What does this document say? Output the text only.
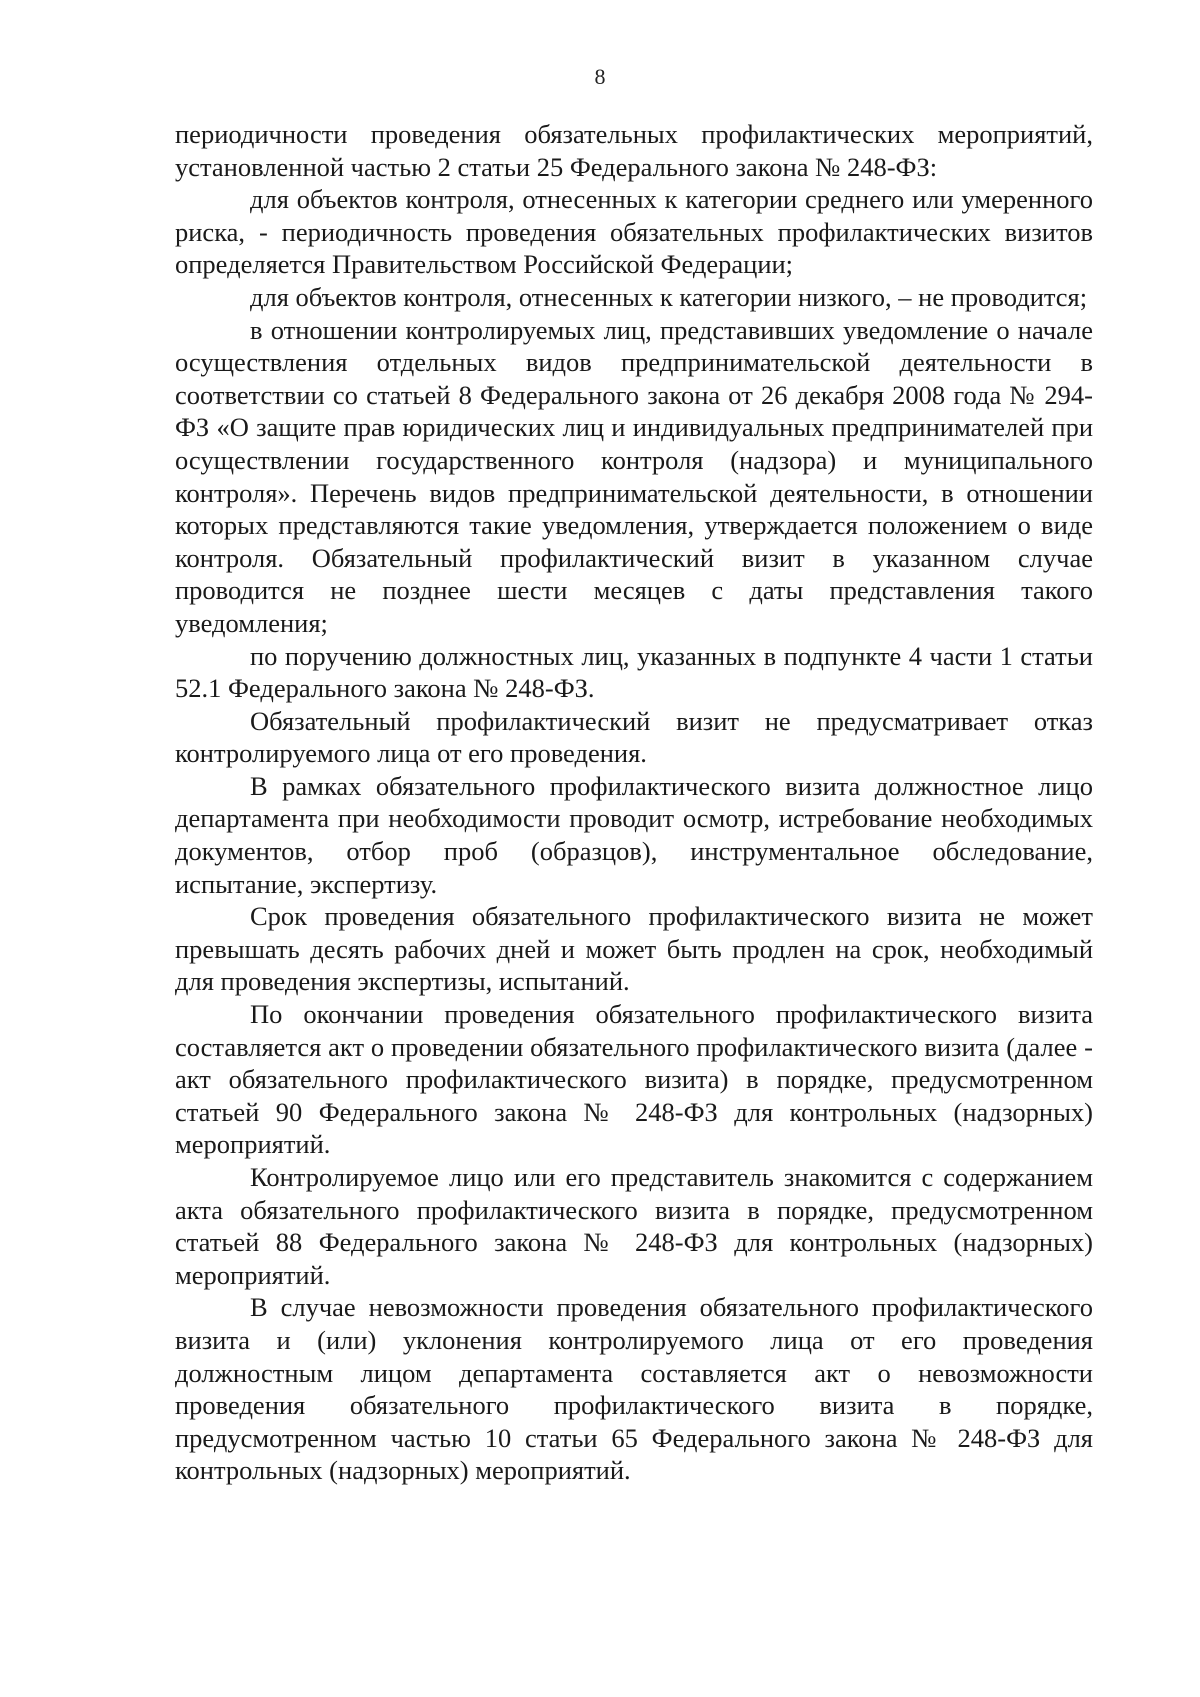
8

периодичности проведения обязательных профилактических мероприятий, установленной частью 2 статьи 25 Федерального закона № 248-ФЗ:

для объектов контроля, отнесенных к категории среднего или умеренного риска, - периодичность проведения обязательных профилактических визитов определяется Правительством Российской Федерации;

для объектов контроля, отнесенных к категории низкого, – не проводится;

в отношении контролируемых лиц, представивших уведомление о начале осуществления отдельных видов предпринимательской деятельности в соответствии со статьей 8 Федерального закона от 26 декабря 2008 года № 294-ФЗ «О защите прав юридических лиц и индивидуальных предпринимателей при осуществлении государственного контроля (надзора) и муниципального контроля». Перечень видов предпринимательской деятельности, в отношении которых представляются такие уведомления, утверждается положением о виде контроля. Обязательный профилактический визит в указанном случае проводится не позднее шести месяцев с даты представления такого уведомления;

по поручению должностных лиц, указанных в подпункте 4 части 1 статьи 52.1 Федерального закона № 248-ФЗ.

Обязательный профилактический визит не предусматривает отказ контролируемого лица от его проведения.

В рамках обязательного профилактического визита должностное лицо департамента при необходимости проводит осмотр, истребование необходимых документов, отбор проб (образцов), инструментальное обследование, испытание, экспертизу.

Срок проведения обязательного профилактического визита не может превышать десять рабочих дней и может быть продлен на срок, необходимый для проведения экспертизы, испытаний.

По окончании проведения обязательного профилактического визита составляется акт о проведении обязательного профилактического визита (далее - акт обязательного профилактического визита) в порядке, предусмотренном статьей 90 Федерального закона № 248-ФЗ для контрольных (надзорных) мероприятий.

Контролируемое лицо или его представитель знакомится с содержанием акта обязательного профилактического визита в порядке, предусмотренном статьей 88 Федерального закона № 248-ФЗ для контрольных (надзорных) мероприятий.

В случае невозможности проведения обязательного профилактического визита и (или) уклонения контролируемого лица от его проведения должностным лицом департамента составляется акт о невозможности проведения обязательного профилактического визита в порядке, предусмотренном частью 10 статьи 65 Федерального закона № 248-ФЗ для контрольных (надзорных) мероприятий.
